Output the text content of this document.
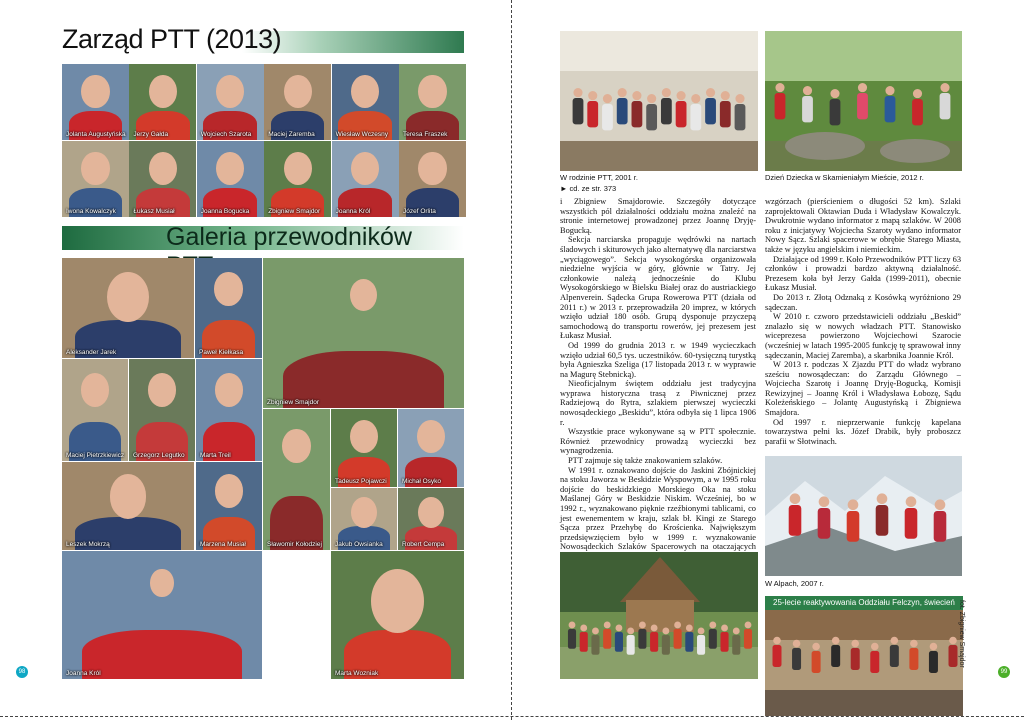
Zarząd PTT (2013)
Jolanta Augustyńska Jerzy Gałda	Wojciech Szarota	Maciej Zaremba	Wiesław Wczesny Teresa Fraszek
Iwona Kowalczyk	Łukasz Musiał	Joanna Bogucka	Zbigniew Smajdor Joanna Król	Józef Orlita
Galeria przewodników
Aleksander Jarek	Paweł Kiełkasa
Zbigniew Smajdor
Maciej Pietrzkiewicz Grzegorz Legutko Marta Treil
Tadeusz Pojawczi Michał Osyko
Leszek Mokrzą	Marzena Musiał	Sławomir Kołodziej Jakub Owsianka	Robert Cempa
Joanna Król	Marta Wozniak
98
W rodzinie PTT, 2001 r.
► cd. ze str. 373
Dzień Dziecka w Skamieniałym Mieście, 2012 r.

i Zbigniew Smajdorowie. Szczegóły dotyczące wszystkich pól działalności oddziału można znaleźć na stronie internetowej prowadzonej przez Joannę Dryję-Bogucką.

Sekcja narciarska propaguje wędrówki na nartach śladowych i skiturowych jako alternatywę dla narciarstwa „wyciągowego”. Sekcja wysokogórska organizowała niedzielne wyjścia w góry, głównie w Tatry. Jej członkowie należą jednocześnie do Klubu Wysokogórskiego w Bielsku Białej oraz do austriackiego Alpenverein. Sądecka Grupa Rowerowa PTT (działa od 2011 r.) w 2013 r. przeprowadziła 20 imprez, w których wzięło udział 180 osób. Grupą dysponuje przyczepą samochodową do transportu rowerów, jej prezesem jest Łukasz Musiał.

Od 1999 do grudnia 2013 r. w 1949 wycieczkach wzięło udział 60,5 tys. uczestników. 60-tysięczną turystką była Agnieszka Szeliga (17 listopada 2013 r. w wyprawie na Magurę Stebnicką).

Nieoficjalnym świętem oddziału jest tradycyjna wyprawa historyczna trasą z Piwnicznej przez Radziejową do Rytra, szlakiem pierwszej wycieczki nowosądeckiego „Beskidu”, która odbyła się 1 lipca 1906 r.

Wszystkie prace wykonywane są w PTT społecznie. Również przewodnicy prowadzą wycieczki bez wynagrodzenia.

PTT zajmuje się także znakowaniem szlaków.

W 1991 r. oznakowano dojście do Jaskini Zbójnickiej na stoku Jaworza w Beskidzie Wyspowym, a w 1995 roku dojście do beskidzkiego Morskiego Oka na stoku Maślanej Góry w Beskidzie Niskim. Wcześniej, bo w 1992 r., wyznakowano pięknie rzeźbionymi tablicami, co jest ewenementem w kraju, szlak bł. Kingi ze Starego Sącza przez Przehybę do Krościenka. Największym przedsięwzięciem było w 1999 r. wyznakowanie Nowosądeckich Szlaków Spacerowych na otaczających

wzgórzach (pierścieniem o długości 52 km). Szlaki zaprojektowali Oktawian Duda i Władysław Kowalczyk. Dwukrotnie wydano informator z mapą szlaków. W 2008 roku z inicjatywy Wojciecha Szaroty wydano informator Nowy Sącz. Szlaki spacerowe w obrębie Starego Miasta, także w języku angielskim i niemieckim.

Działające od 1999 r. Koło Przewodników PTT liczy 63 członków i prowadzi bardzo aktywną działalność. Prezesem koła był Jerzy Gałda (1999-2011), obecnie Łukasz Musiał.

Do 2013 r. Złotą Odznaką z Kosówką wyróżniono 29 sądeczan.

W 2010 r. czworo przedstawicieli oddziału „Beskid” znalazło się w nowych władzach PTT. Stanowisko wiceprezesa powierzono Wojciechowi Szarocie (wcześniej w latach 1995-2005 funkcję tę sprawował inny sądeczanin, Maciej Zaremba), a skarbnika Joannie Król.

W 2013 r. podczas X Zjazdu PTT do władz wybrano sześciu nowosądeczan: do Zarządu Głównego – Wojciecha Szarotę i Joannę Dryję-Bogucką, Komisji Rewizyjnej – Joannę Król i Władysława Łobozę, Sądu Koleżeńskiego – Jolantę Augustyńską i Zbigniewa Smajdora.

Od 1997 r. nieprzerwanie funkcję kapelana towarzystwa pełni ks. Józef Drabik, były proboszcz parafii w Słotwinach.

W Alpach, 2007 r.
25-lecie reaktywowania Oddziału Felczyn, świecień fot. Zbigniew Smajdor
99
